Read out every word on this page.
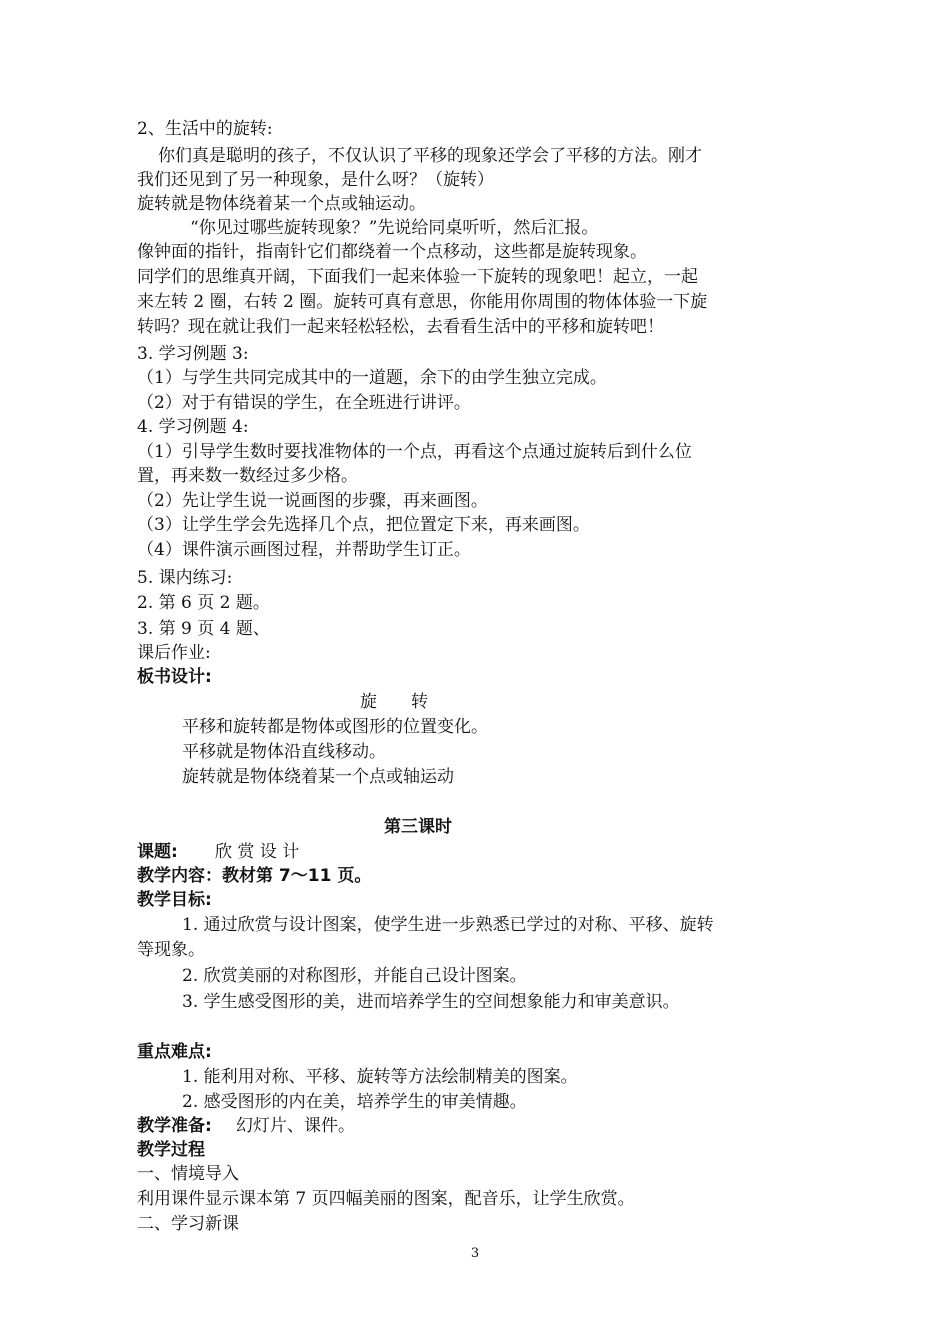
2、生活中的旋转:
你们真是聪明的孩子，不仅认识了平移的现象还学会了平移的方法。刚才
我们还见到了另一种现象，是什么呀？（旋转）
旋转就是物体绕着某一个点或轴运动。
“你见过哪些旋转现象？”先说给同桌听听，然后汇报。
像钟面的指针，指南针它们都绕着一个点移动，这些都是旋转现象。
同学们的思维真开阔，下面我们一起来体验一下旋转的现象吧！起立，一起
来左转 2 圈，右转 2 圈。旋转可真有意思，你能用你周围的物体体验一下旋
转吗？现在就让我们一起来轻松轻松，去看看生活中的平移和旋转吧！
3. 学习例题 3:
（1）与学生共同完成其中的一道题，余下的由学生独立完成。
（2）对于有错误的学生，在全班进行讲评。
4. 学习例题 4:
（1）引导学生数时要找准物体的一个点，再看这个点通过旋转后到什么位
置，再来数一数经过多少格。
（2）先让学生说一说画图的步骤，再来画图。
（3）让学生学会先选择几个点，把位置定下来，再来画图。
（4）课件演示画图过程，并帮助学生订正。
5. 课内练习:
2. 第 6 页 2 题。
3. 第 9 页 4 题、
课后作业:
板书设计:
旋　　转
平移和旋转都是物体或图形的位置变化。
平移就是物体沿直线移动。
旋转就是物体绕着某一个点或轴运动
第三课时
课题: 欣 赏 设 计
教学内容：教材第 7～11 页。
教学目标:
1. 通过欣赏与设计图案，使学生进一步熟悉已学过的对称、平移、旋转
等现象。
2. 欣赏美丽的对称图形，并能自己设计图案。
3. 学生感受图形的美，进而培养学生的空间想象能力和审美意识。
重点难点:
1. 能利用对称、平移、旋转等方法绘制精美的图案。
2. 感受图形的内在美，培养学生的审美情趣。
教学准备: 幻灯片、课件。
教学过程
一、情境导入
利用课件显示课本第 7 页四幅美丽的图案，配音乐，让学生欣赏。
二、学习新课
3
